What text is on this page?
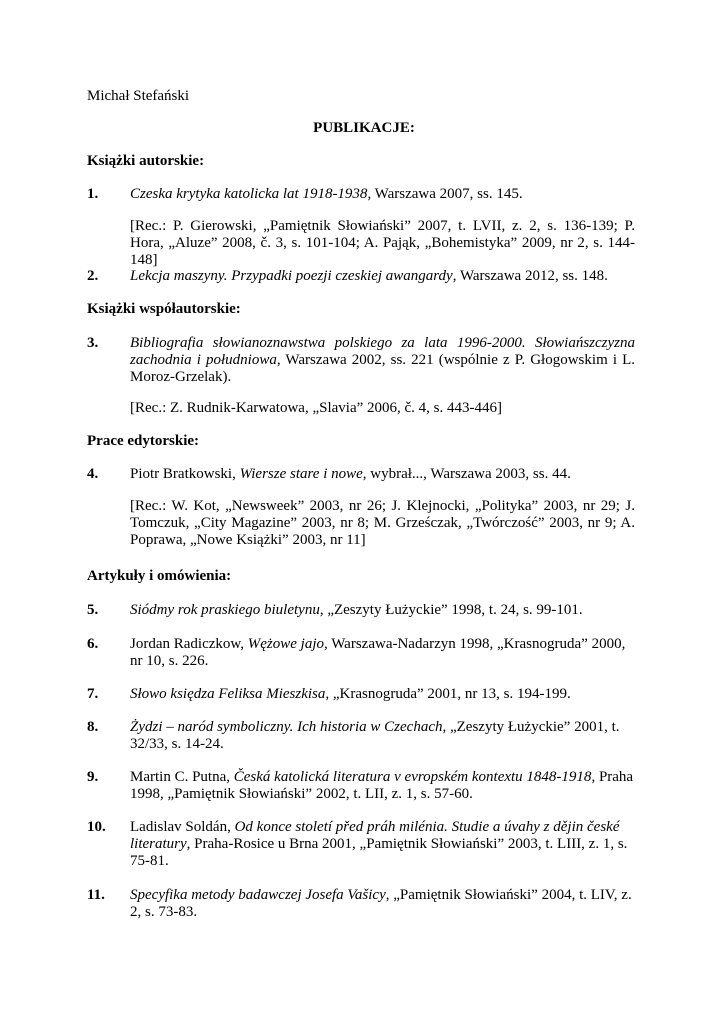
Michał Stefański
PUBLIKACJE:
Książki autorskie:
1. Czeska krytyka katolicka lat 1918-1938, Warszawa 2007, ss. 145.
[Rec.: P. Gierowski, „Pamiętnik Słowiański” 2007, t. LVII, z. 2, s. 136-139; P. Hora, „Aluze” 2008, č. 3, s. 101-104; A. Pająk, „Bohemistyka” 2009, nr 2, s. 144-148]
2. Lekcja maszyny. Przypadki poezji czeskiej awangardy, Warszawa 2012, ss. 148.
Książki współautorskie:
3. Bibliografia słowianoznawstwa polskiego za lata 1996-2000. Słowiańszczyzna zachodnia i południowa, Warszawa 2002, ss. 221 (wspólnie z P. Głogowskim i L. Moroz-Grzelak).
[Rec.: Z. Rudnik-Karwatowa, „Slavia” 2006, č. 4, s. 443-446]
Prace edytorskie:
4. Piotr Bratkowski, Wiersze stare i nowe, wybrał..., Warszawa 2003, ss. 44.
[Rec.: W. Kot, „Newsweek” 2003, nr 26; J. Klejnocki, „Polityka” 2003, nr 29; J. Tomczuk, „City Magazine” 2003, nr 8; M. Grześczak, „Twórczość” 2003, nr 9; A. Poprawa, „Nowe Książki” 2003, nr 11]
Artykuły i omówienia:
5. Siódmy rok praskiego biuletynu, „Zeszyty Łużyckie” 1998, t. 24, s. 99-101.
6. Jordan Radiczkow, Wężowe jajo, Warszawa-Nadarzyn 1998, „Krasnogruda” 2000, nr 10, s. 226.
7. Słowo księdza Feliksa Mieszkisa, „Krasnogruda” 2001, nr 13, s. 194-199.
8. Żydzi – naród symboliczny. Ich historia w Czechach, „Zeszyty Łużyckie” 2001, t. 32/33, s. 14-24.
9. Martin C. Putna, Česká katolická literatura v evropském kontextu 1848-1918, Praha 1998, „Pamiętnik Słowiański” 2002, t. LII, z. 1, s. 57-60.
10. Ladislav Soldán, Od konce století před práh milénia. Studie a úvahy z dějin české literatury, Praha-Rosice u Brna 2001, „Pamiętnik Słowiański” 2003, t. LIII, z. 1, s. 75-81.
11. Specyfika metody badawczej Josefa Vašicy, „Pamiętnik Słowiański” 2004, t. LIV, z. 2, s. 73-83.
